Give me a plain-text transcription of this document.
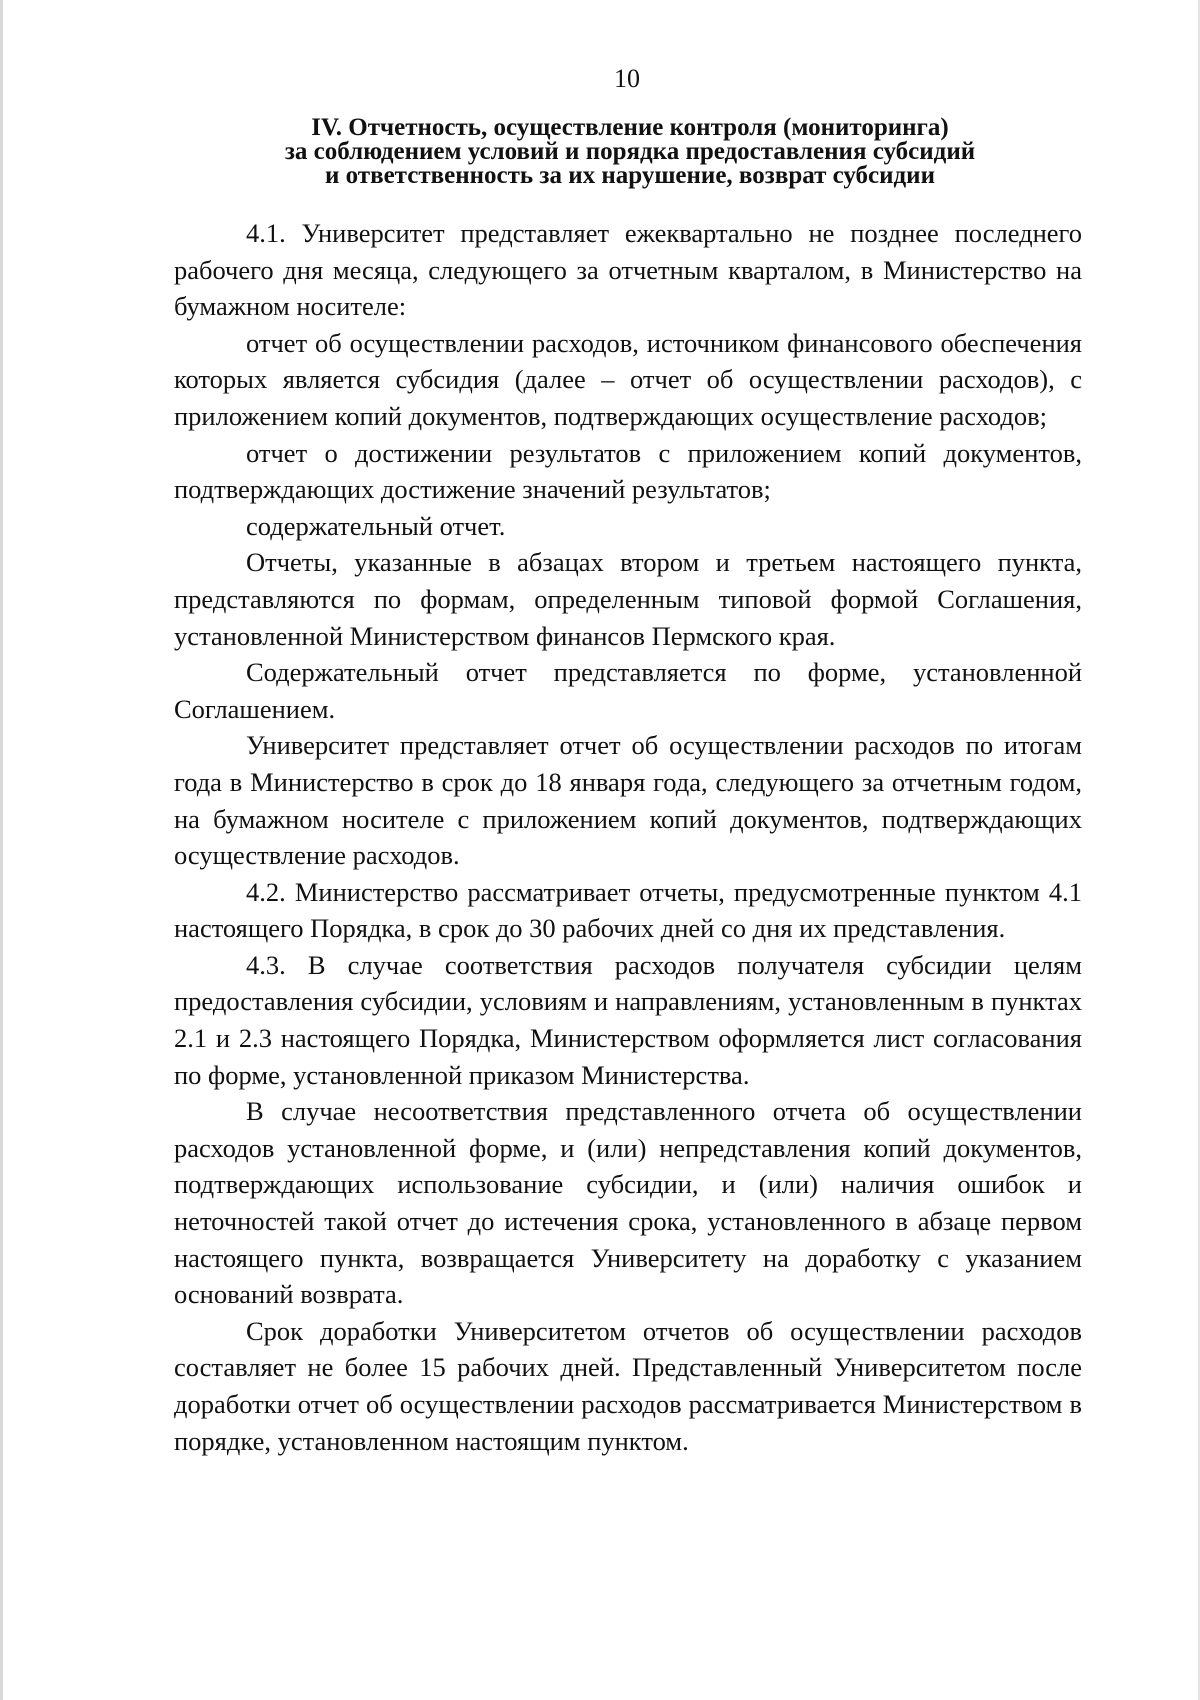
10
IV. Отчетность, осуществление контроля (мониторинга)
за соблюдением условий и порядка предоставления субсидий
и ответственность за их нарушение, возврат субсидии

4.1. Университет представляет ежеквартально не позднее последнего рабочего дня месяца, следующего за отчетным кварталом, в Министерство на бумажном носителе:

отчет об осуществлении расходов, источником финансового обеспечения которых является субсидия (далее – отчет об осуществлении расходов), с приложением копий документов, подтверждающих осуществление расходов;

отчет о достижении результатов с приложением копий документов, подтверждающих достижение значений результатов;

содержательный отчет.

Отчеты, указанные в абзацах втором и третьем настоящего пункта, представляются по формам, определенным типовой формой Соглашения, установленной Министерством финансов Пермского края.

Содержательный отчет представляется по форме, установленной Соглашением.

Университет представляет отчет об осуществлении расходов по итогам года в Министерство в срок до 18 января года, следующего за отчетным годом, на бумажном носителе с приложением копий документов, подтверждающих осуществление расходов.

4.2. Министерство рассматривает отчеты, предусмотренные пунктом 4.1 настоящего Порядка, в срок до 30 рабочих дней со дня их представления.

4.3. В случае соответствия расходов получателя субсидии целям предоставления субсидии, условиям и направлениям, установленным в пунктах 2.1 и 2.3 настоящего Порядка, Министерством оформляется лист согласования по форме, установленной приказом Министерства.

В случае несоответствия представленного отчета об осуществлении расходов установленной форме, и (или) непредставления копий документов, подтверждающих использование субсидии, и (или) наличия ошибок и неточностей такой отчет до истечения срока, установленного в абзаце первом настоящего пункта, возвращается Университету на доработку с указанием оснований возврата.

Срок доработки Университетом отчетов об осуществлении расходов составляет не более 15 рабочих дней. Представленный Университетом после доработки отчет об осуществлении расходов рассматривается Министерством в порядке, установленном настоящим пунктом.
